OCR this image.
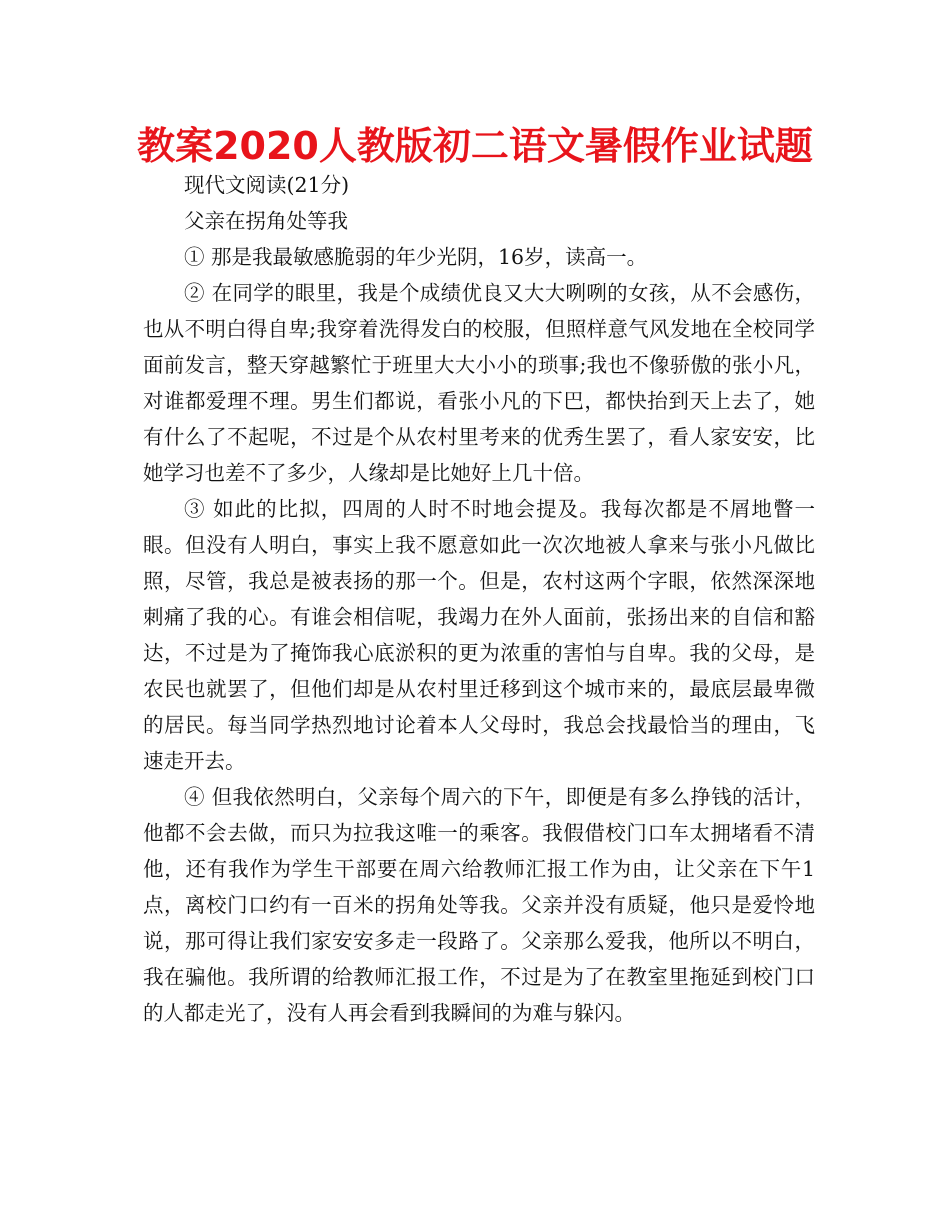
教案2020人教版初二语文暑假作业试题

现代文阅读(21分)

父亲在拐角处等我

① 那是我最敏感脆弱的年少光阴，16岁，读高一。

② 在同学的眼里，我是个成绩优良又大大咧咧的女孩，从不会感伤，也从不明白得自卑;我穿着洗得发白的校服，但照样意气风发地在全校同学面前发言，整天穿越繁忙于班里大大小小的琐事;我也不像骄傲的张小凡，对谁都爱理不理。男生们都说，看张小凡的下巴，都快抬到天上去了，她有什么了不起呢，不过是个从农村里考来的优秀生罢了，看人家安安，比她学习也差不了多少，人缘却是比她好上几十倍。

③ 如此的比拟，四周的人时不时地会提及。我每次都是不屑地瞥一眼。但没有人明白，事实上我不愿意如此一次次地被人拿来与张小凡做比照，尽管，我总是被表扬的那一个。但是，农村这两个字眼，依然深深地刺痛了我的心。有谁会相信呢，我竭力在外人面前，张扬出来的自信和豁达，不过是为了掩饰我心底淤积的更为浓重的害怕与自卑。我的父母，是农民也就罢了，但他们却是从农村里迁移到这个城市来的，最底层最卑微的居民。每当同学热烈地讨论着本人父母时，我总会找最恰当的理由，飞速走开去。

④ 但我依然明白，父亲每个周六的下午，即便是有多么挣钱的活计，他都不会去做，而只为拉我这唯一的乘客。我假借校门口车太拥堵看不清他，还有我作为学生干部要在周六给教师汇报工作为由，让父亲在下午1点，离校门口约有一百米的拐角处等我。父亲并没有质疑，他只是爱怜地说，那可得让我们家安安多走一段路了。父亲那么爱我，他所以不明白，我在骗他。我所谓的给教师汇报工作，不过是为了在教室里拖延到校门口的人都走光了，没有人再会看到我瞬间的为难与躲闪。
